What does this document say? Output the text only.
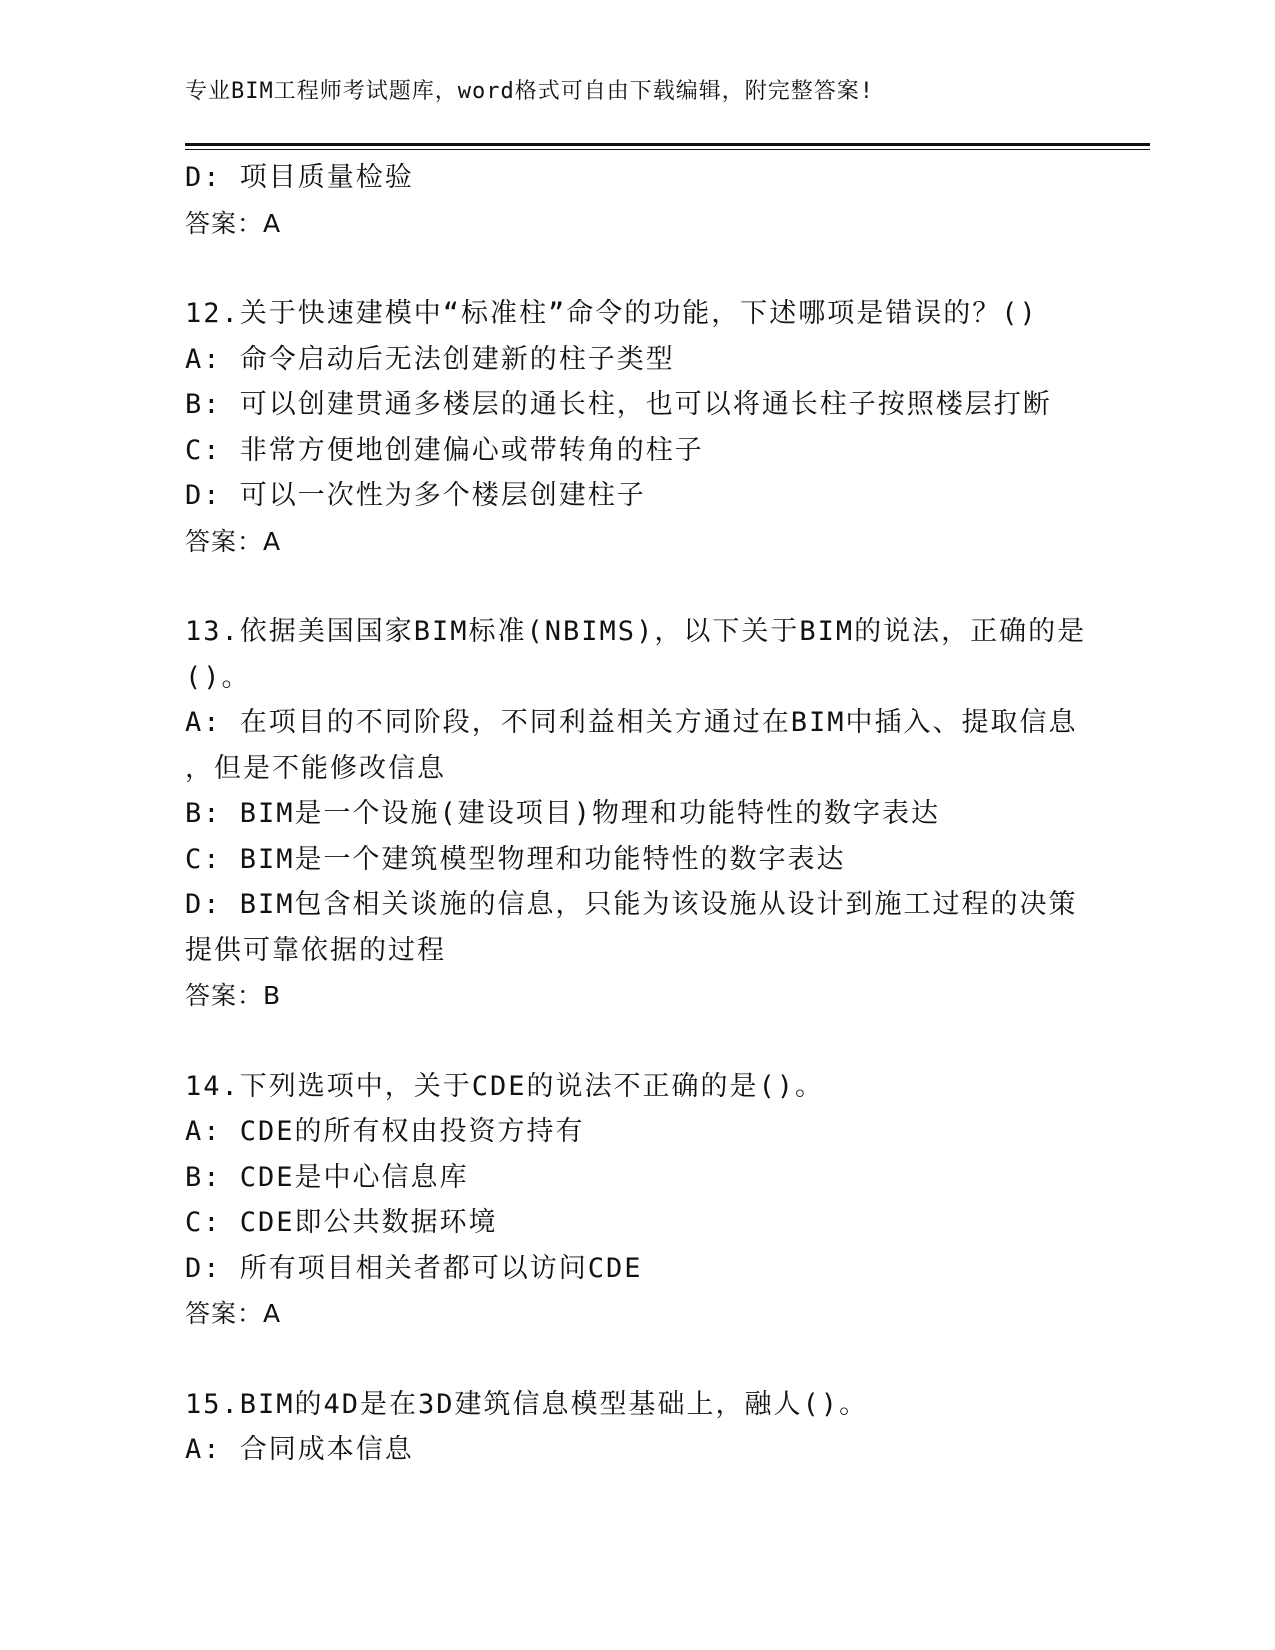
专业BIM工程师考试题库，word格式可自由下载编辑，附完整答案!
D: 项目质量检验
答案：A
12.关于快速建模中“标准柱”命令的功能，下述哪项是错误的？()
A: 命令启动后无法创建新的柱子类型
B: 可以创建贯通多楼层的通长柱，也可以将通长柱子按照楼层打断
C: 非常方便地创建偏心或带转角的柱子
D: 可以一次性为多个楼层创建柱子
答案：A
13.依据美国国家BIM标准(NBIMS)，以下关于BIM的说法，正确的是
()。
A: 在项目的不同阶段，不同利益相关方通过在BIM中插入、提取信息
，但是不能修改信息
B: BIM是一个设施(建设项目)物理和功能特性的数字表达
C: BIM是一个建筑模型物理和功能特性的数字表达
D: BIM包含相关谈施的信息，只能为该设施从设计到施工过程的决策
提供可靠依据的过程
答案：B
14.下列选项中，关于CDE的说法不正确的是()。
A: CDE的所有权由投资方持有
B: CDE是中心信息库
C: CDE即公共数据环境
D: 所有项目相关者都可以访问CDE
答案：A
15.BIM的4D是在3D建筑信息模型基础上，融人()。
A: 合同成本信息
